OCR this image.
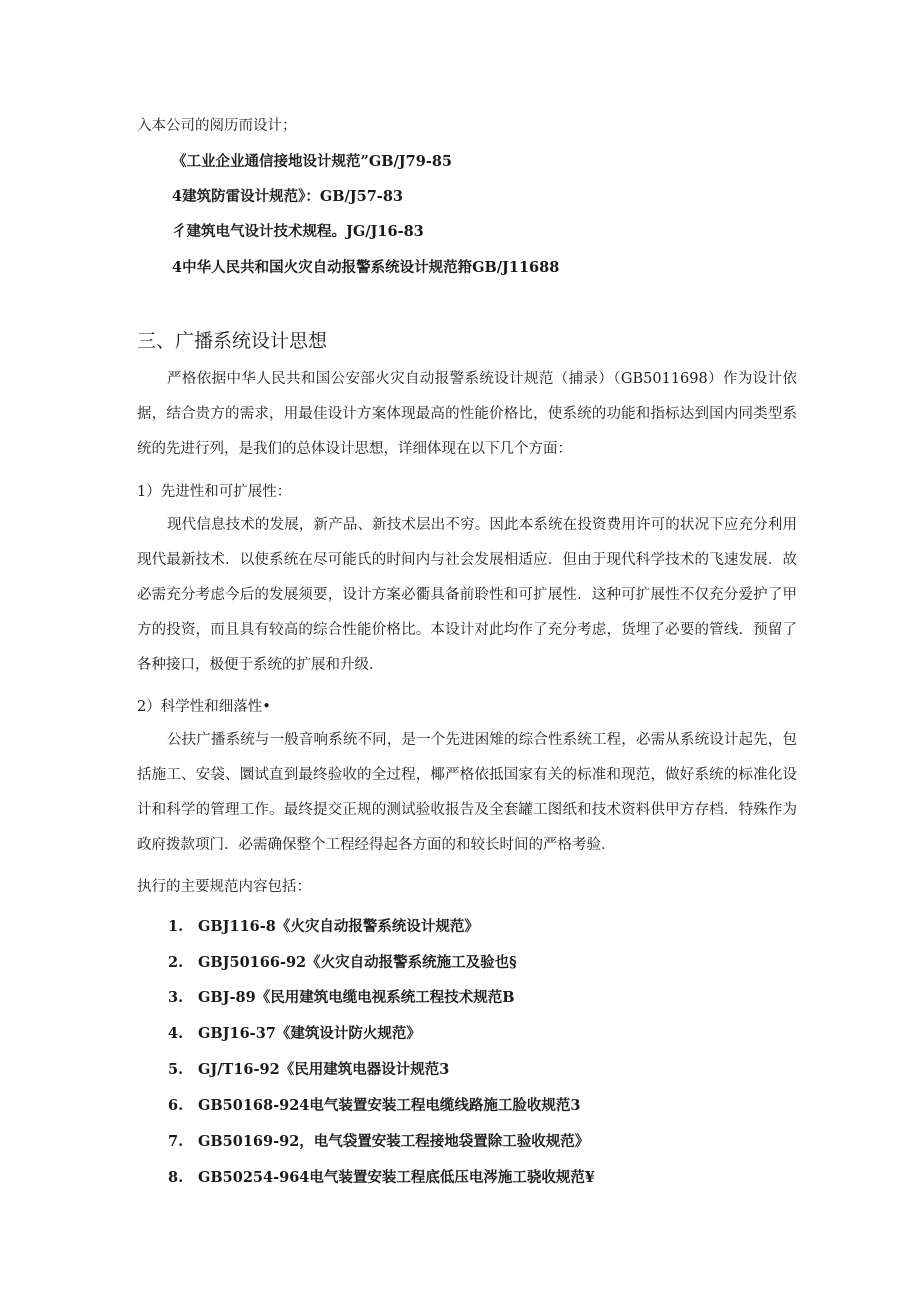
入本公司的阅历而设计；
《工业企业通信接地设计规范”GB/J79-85
4建筑防雷设计规范》：GB/J57-83
彳建筑电气设计技术规程。JG/J16-83
4中华人民共和国火灾自动报警系统设计规范箝GB/J11688
三、广播系统设计思想
严格依据中华人民共和国公安部火灾自动报警系统设计规范（捕录）（GB5011698）作为设计依据，结合贵方的需求，用最佳设计方案体现最高的性能价格比，使系统的功能和指标达到国内同类型系统的先进行列，是我们的总体设计思想，详细体现在以下几个方面：
1）先进性和可扩展性：
现代信息技术的发展，新产品、新技术层出不穷。因此本系统在投资费用许可的状况下应充分利用现代最新技术．以使系统在尽可能氏的时间内与社会发展相适应．但由于现代科学技术的飞速发展．故必需充分考虑今后的发展须要，设计方案必衢具备前聆性和可扩展性．这种可扩展性不仅充分爱护了甲方的投资，而且具有较高的综合性能价格比。本设计对此均作了充分考虑，货埋了必要的管线．预留了各种接口，极便于系统的扩展和升级．
2）科学性和细落性•
公扶广播系统与一般音响系统不同，是一个先进困雉的综合性系统工程，必需从系统设计起先，包括施工、安袋、圜试直到最终验收的全过程，椰严格依抵国家有关的标准和现范，做好系统的标准化设计和科学的管理工作。最终提交正规的测试验收报告及全套罐工图纸和技术资料供甲方存档．特殊作为政府拨款项门．必需确保整个工程经得起各方面的和较长时间的严格考验．
执行的主要规范内容包括：
1. GBJ116-8《火灾自动报警系统设计规范》
2. GBJ50166-92《火灾自动报警系统施工及验也§
3. GBJ-89《民用建筑电缆电视系统工程技术规范B
4. GBJ16-37《建筑设计防火规范》
5. GJ/T16-92《民用建筑电器设计规范3
6. GB50168-924电气装置安装工程电缆线路施工脸收规范3
7. GB50169-92，电气袋置安装工程接地袋置除工验收规范》
8. GB50254-964电气装置安装工程底低压电涔施工骁收规范¥
